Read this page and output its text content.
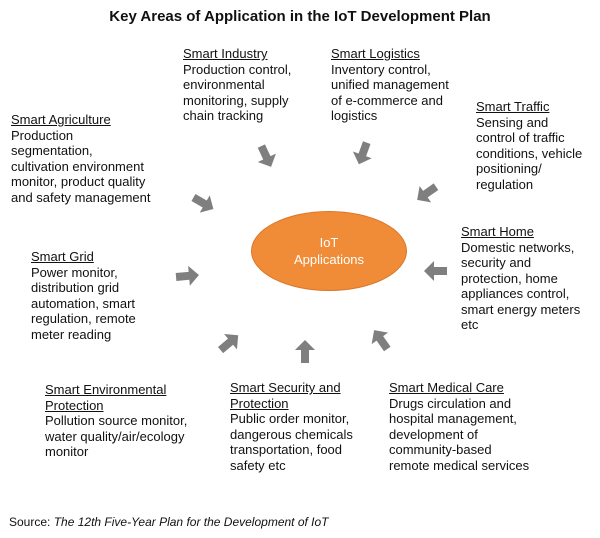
Key Areas of Application in the IoT Development Plan
IoT
Applications
Smart Industry
Production control,
environmental
monitoring, supply
chain tracking
Smart Logistics
Inventory control,
unified management
of e-commerce and
logistics
Smart Traffic
Sensing and
control of traffic
conditions, vehicle
positioning/
regulation
Smart Agriculture
Production
segmentation,
cultivation environment
monitor, product quality
and safety management
Smart Home
Domestic networks,
security and
protection, home
appliances control,
smart energy meters
etc
Smart Grid
Power monitor,
distribution grid
automation, smart
regulation, remote
meter reading
Smart Environmental
Protection
Pollution source monitor,
water quality/air/ecology
monitor
Smart Security and
Protection
Public order monitor,
dangerous chemicals
transportation, food
safety etc
Smart Medical Care
Drugs circulation and
hospital management,
development of
community-based
remote medical services
Source: The 12th Five-Year Plan for the Development of IoT
